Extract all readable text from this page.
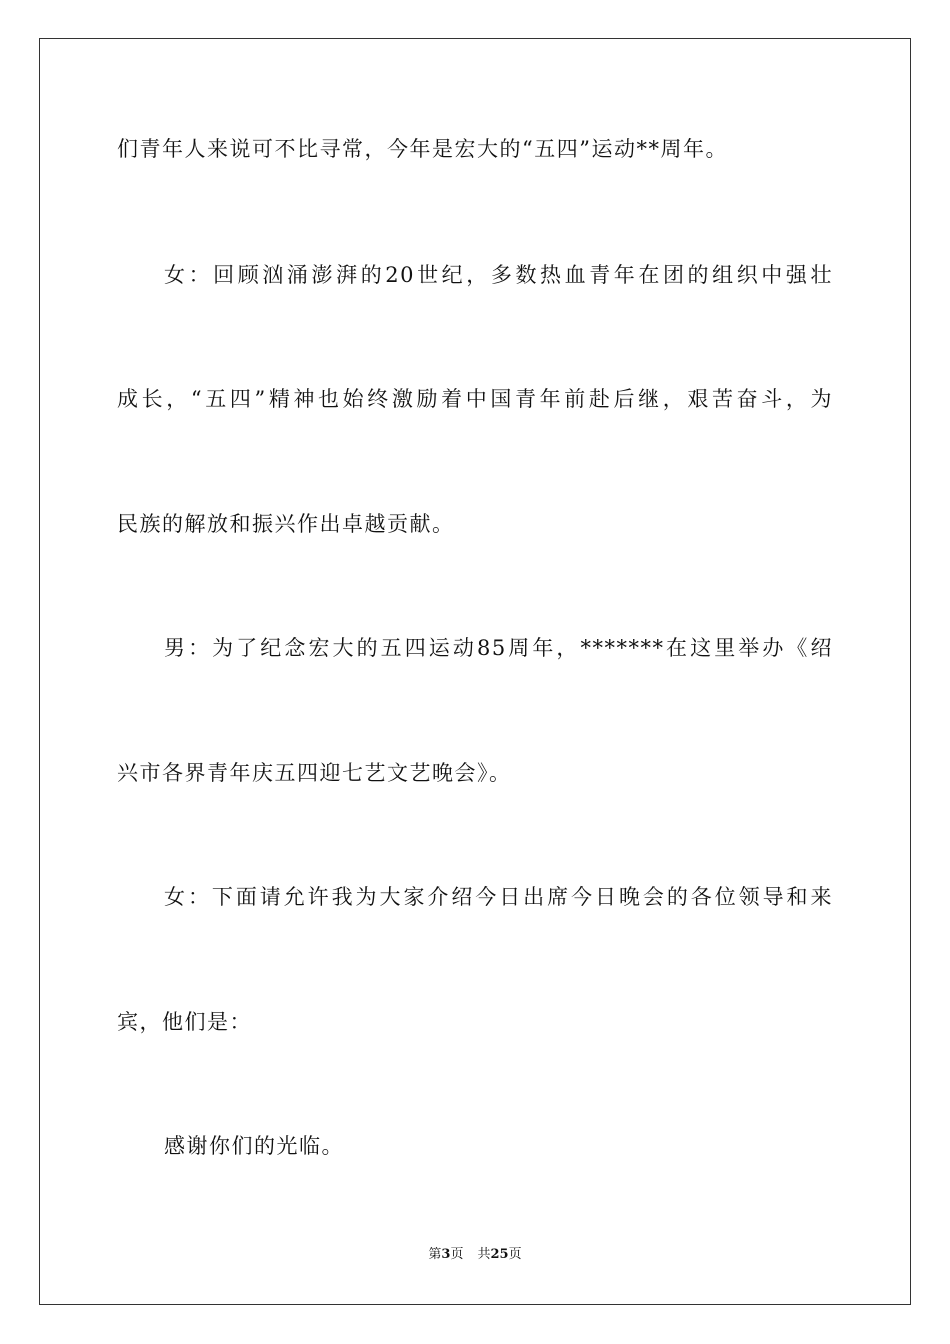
们青年人来说可不比寻常，今年是宏大的“五四”运动**周年。
女：回顾汹涌澎湃的20世纪，多数热血青年在团的组织中强壮
成长，“五四”精神也始终激励着中国青年前赴后继，艰苦奋斗，为
民族的解放和振兴作出卓越贡献。
男：为了纪念宏大的五四运动85周年，*******在这里举办《绍
兴市各界青年庆五四迎七艺文艺晚会》。
女：下面请允许我为大家介绍今日出席今日晚会的各位领导和来
宾，他们是：
感谢你们的光临。
第3页 共25页
